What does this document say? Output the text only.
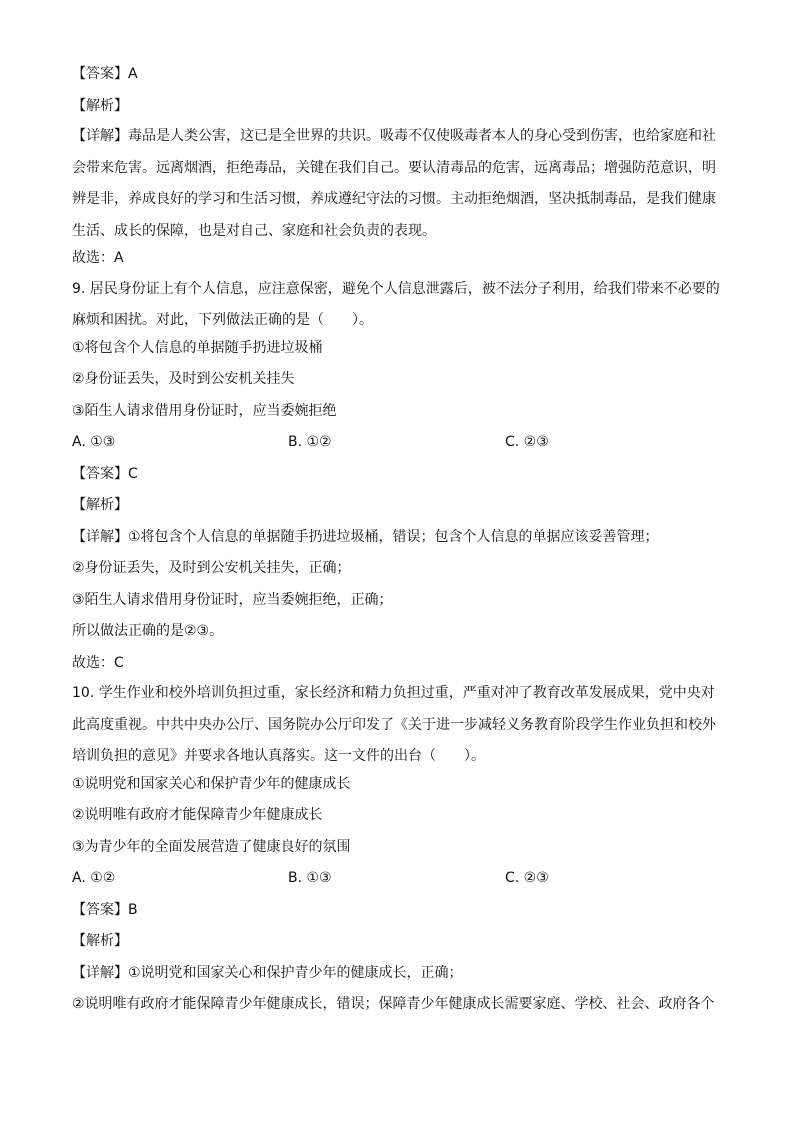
【答案】A
【解析】
【详解】毒品是人类公害，这已是全世界的共识。吸毒不仅使吸毒者本人的身心受到伤害，也给家庭和社
会带来危害。远离烟酒，拒绝毒品，关键在我们自己。要认清毒品的危害，远离毒品；增强防范意识，明
辨是非，养成良好的学习和生活习惯，养成遵纪守法的习惯。主动拒绝烟酒，坚决抵制毒品，是我们健康
生活、成长的保障，也是对自己、家庭和社会负责的表现。
故选：A
9. 居民身份证上有个人信息，应注意保密，避免个人信息泄露后，被不法分子利用，给我们带来不必要的
麻烦和困扰。对此，下列做法正确的是（　　）。
①将包含个人信息的单据随手扔进垃圾桶
②身份证丢失，及时到公安机关挂失
③陌生人请求借用身份证时，应当委婉拒绝
A. ①③	B. ①②	C. ②③
【答案】C
【解析】
【详解】①将包含个人信息的单据随手扔进垃圾桶，错误；包含个人信息的单据应该妥善管理；
②身份证丢失，及时到公安机关挂失，正确；
③陌生人请求借用身份证时，应当委婉拒绝，正确；
所以做法正确的是②③。
故选：C
10. 学生作业和校外培训负担过重，家长经济和精力负担过重，严重对冲了教育改革发展成果，党中央对
此高度重视。中共中央办公厅、国务院办公厅印发了《关于进一步减轻义务教育阶段学生作业负担和校外
培训负担的意见》并要求各地认真落实。这一文件的出台（　　）。
①说明党和国家关心和保护青少年的健康成长
②说明唯有政府才能保障青少年健康成长
③为青少年的全面发展营造了健康良好的氛围
A. ①②	B. ①③	C. ②③
【答案】B
【解析】
【详解】①说明党和国家关心和保护青少年的健康成长，正确；
②说明唯有政府才能保障青少年健康成长，错误；保障青少年健康成长需要家庭、学校、社会、政府各个
